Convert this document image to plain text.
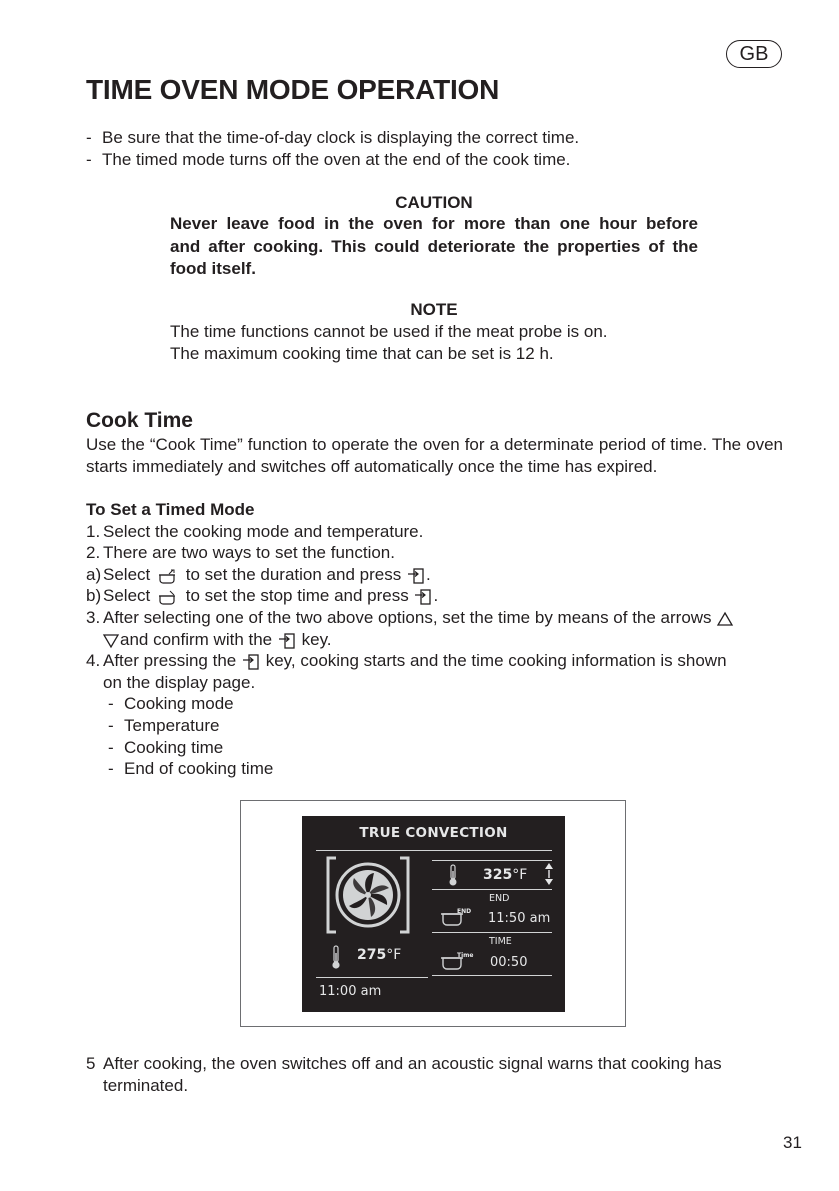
GB
TIME OVEN MODE OPERATION
- Be sure that the time-of-day clock is displaying the correct time.
- The timed mode turns off the oven at the end of the cook time.
CAUTION
Never leave food in the oven for more than one hour before
and after cooking. This could deteriorate the properties of the
food itself.
NOTE
The time functions cannot be used if the meat probe is on.
The maximum cooking time that can be set is 12 h.
Cook Time
Use the “Cook Time” function to operate the oven for a determinate period of time. The oven starts immediately and switches off automatically once the time has expired.
To Set a Timed Mode
1. Select the cooking mode and temperature.
2. There are two ways to set the function.
a) Select to set the duration and press .
b) Select to set the stop time and press .
3. After selecting one of the two above options, set the time by means of the arrows
and confirm with the key.
4. After pressing the key, cooking starts and the time cooking information is shown
on the display page.
- Cooking mode
- Temperature
- Cooking time
- End of cooking time
TRUE CONVECTION
325°F
END
END 11:50 am
TIME
Time 00:50
275°F
11:00 am
5 After cooking, the oven switches off and an acoustic signal warns that cooking has
terminated.
31
